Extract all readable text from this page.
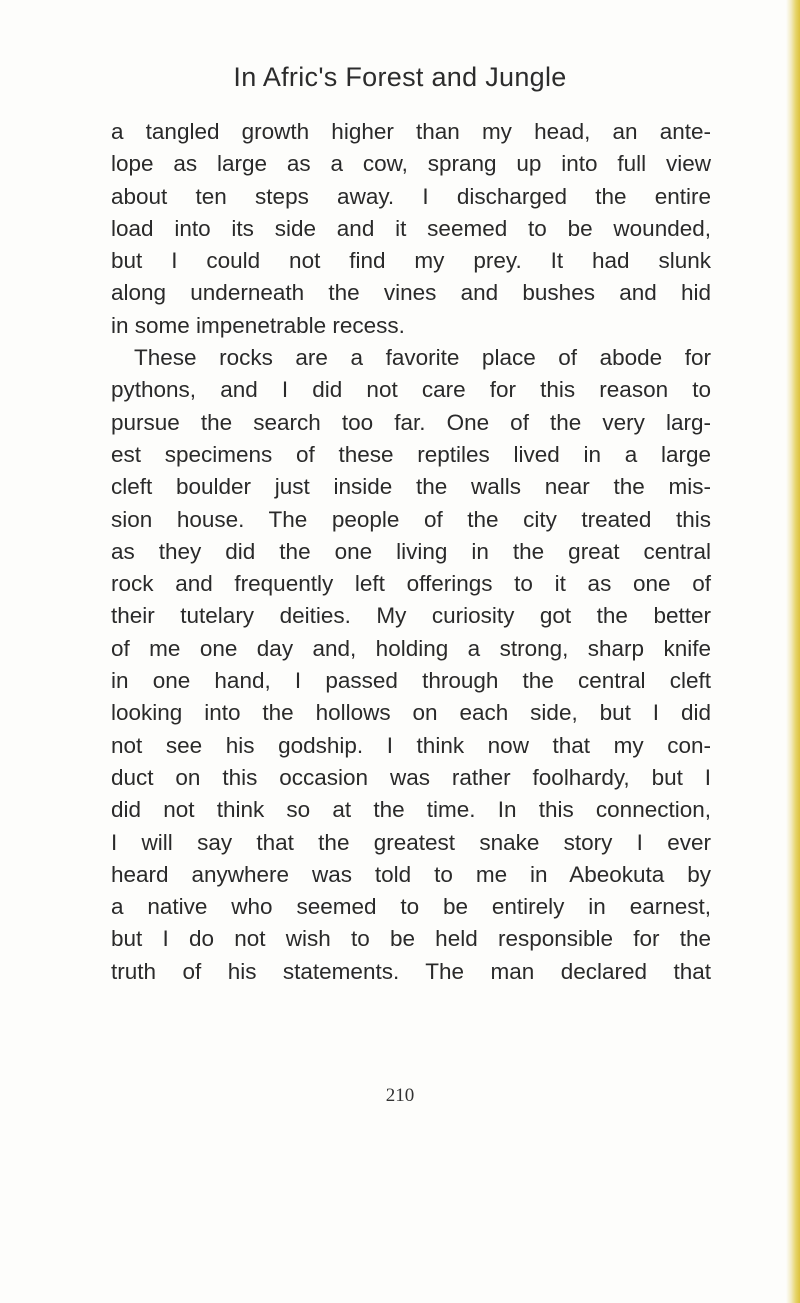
In Afric's Forest and Jungle
a tangled growth higher than my head, an ante-
lope as large as a cow, sprang up into full view
about ten steps away. I discharged the entire
load into its side and it seemed to be wounded,
but I could not find my prey. It had slunk
along underneath the vines and bushes and hid
in some impenetrable recess.
These rocks are a favorite place of abode for
pythons, and I did not care for this reason to
pursue the search too far. One of the very larg-
est specimens of these reptiles lived in a large
cleft boulder just inside the walls near the mis-
sion house. The people of the city treated this
as they did the one living in the great central
rock and frequently left offerings to it as one of
their tutelary deities. My curiosity got the better
of me one day and, holding a strong, sharp knife
in one hand, I passed through the central cleft
looking into the hollows on each side, but I did
not see his godship. I think now that my con-
duct on this occasion was rather foolhardy, but I
did not think so at the time. In this connection,
I will say that the greatest snake story I ever
heard anywhere was told to me in Abeokuta by
a native who seemed to be entirely in earnest,
but I do not wish to be held responsible for the
truth of his statements. The man declared that
210
